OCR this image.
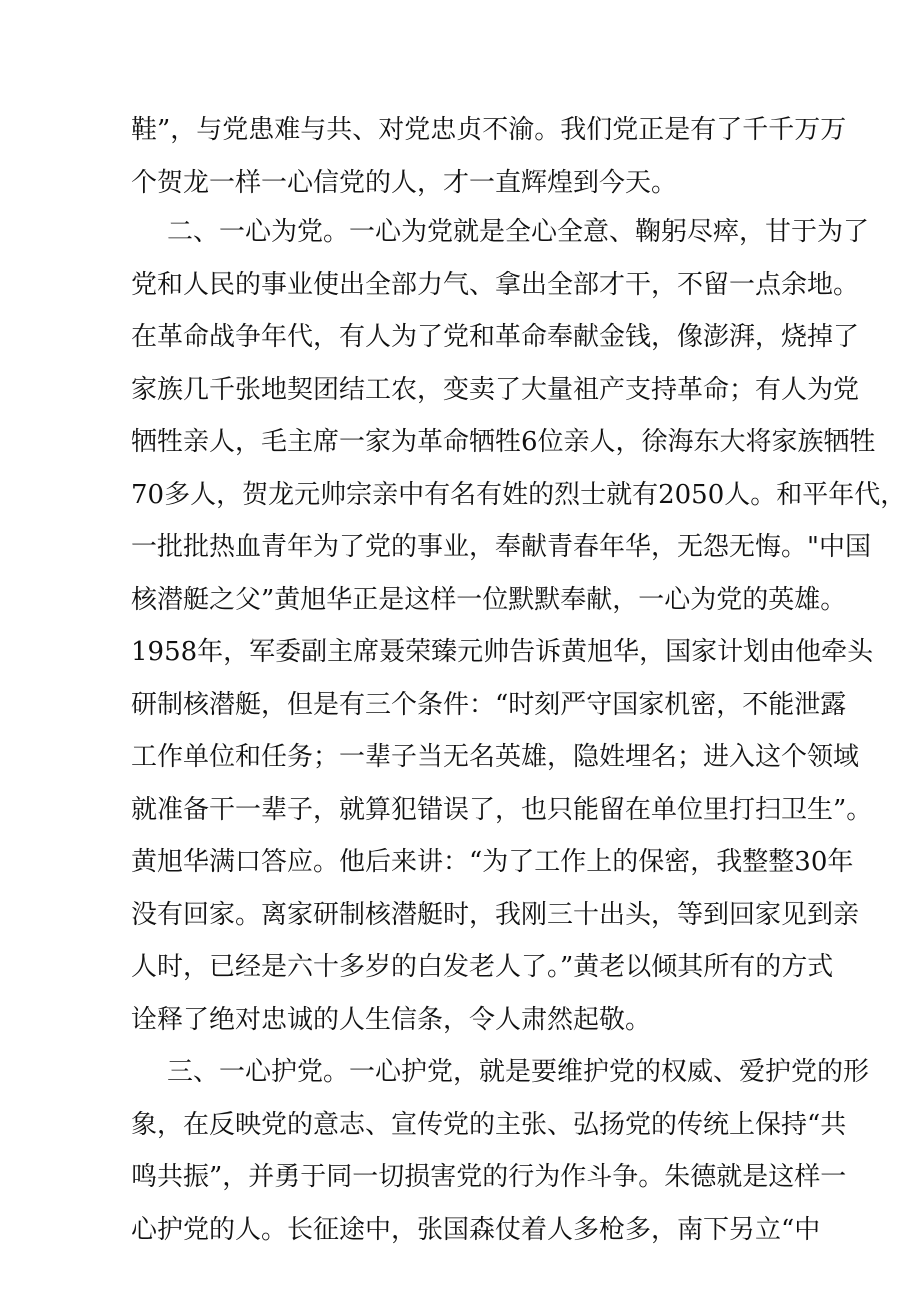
鞋”，与党患难与共、对党忠贞不渝。我们党正是有了千千万万
个贺龙一样一心信党的人，才一直辉煌到今天。
二、一心为党。一心为党就是全心全意、鞠躬尽瘁，甘于为了
党和人民的事业使出全部力气、拿出全部才干，不留一点余地。
在革命战争年代，有人为了党和革命奉献金钱，像澎湃，烧掉了
家族几千张地契团结工农，变卖了大量祖产支持革命；有人为党
牺牲亲人，毛主席一家为革命牺牲6位亲人，徐海东大将家族牺牲
70多人，贺龙元帅宗亲中有名有姓的烈士就有2050人。和平年代，
一批批热血青年为了党的事业，奉献青春年华，无怨无悔。"中国
核潜艇之父”黄旭华正是这样一位默默奉献，一心为党的英雄。
1958年，军委副主席聂荣臻元帅告诉黄旭华，国家计划由他牵头
研制核潜艇，但是有三个条件：“时刻严守国家机密，不能泄露
工作单位和任务；一辈子当无名英雄，隐姓埋名；进入这个领域
就准备干一辈子，就算犯错误了，也只能留在单位里打扫卫生”。
黄旭华满口答应。他后来讲：“为了工作上的保密，我整整30年
没有回家。离家研制核潜艇时，我刚三十出头，等到回家见到亲
人时，已经是六十多岁的白发老人了。”黄老以倾其所有的方式
诠释了绝对忠诚的人生信条，令人肃然起敬。
三、一心护党。一心护党，就是要维护党的权威、爱护党的形
象，在反映党的意志、宣传党的主张、弘扬党的传统上保持“共
鸣共振”，并勇于同一切损害党的行为作斗争。朱德就是这样一
心护党的人。长征途中，张国森仗着人多枪多，南下另立“中
